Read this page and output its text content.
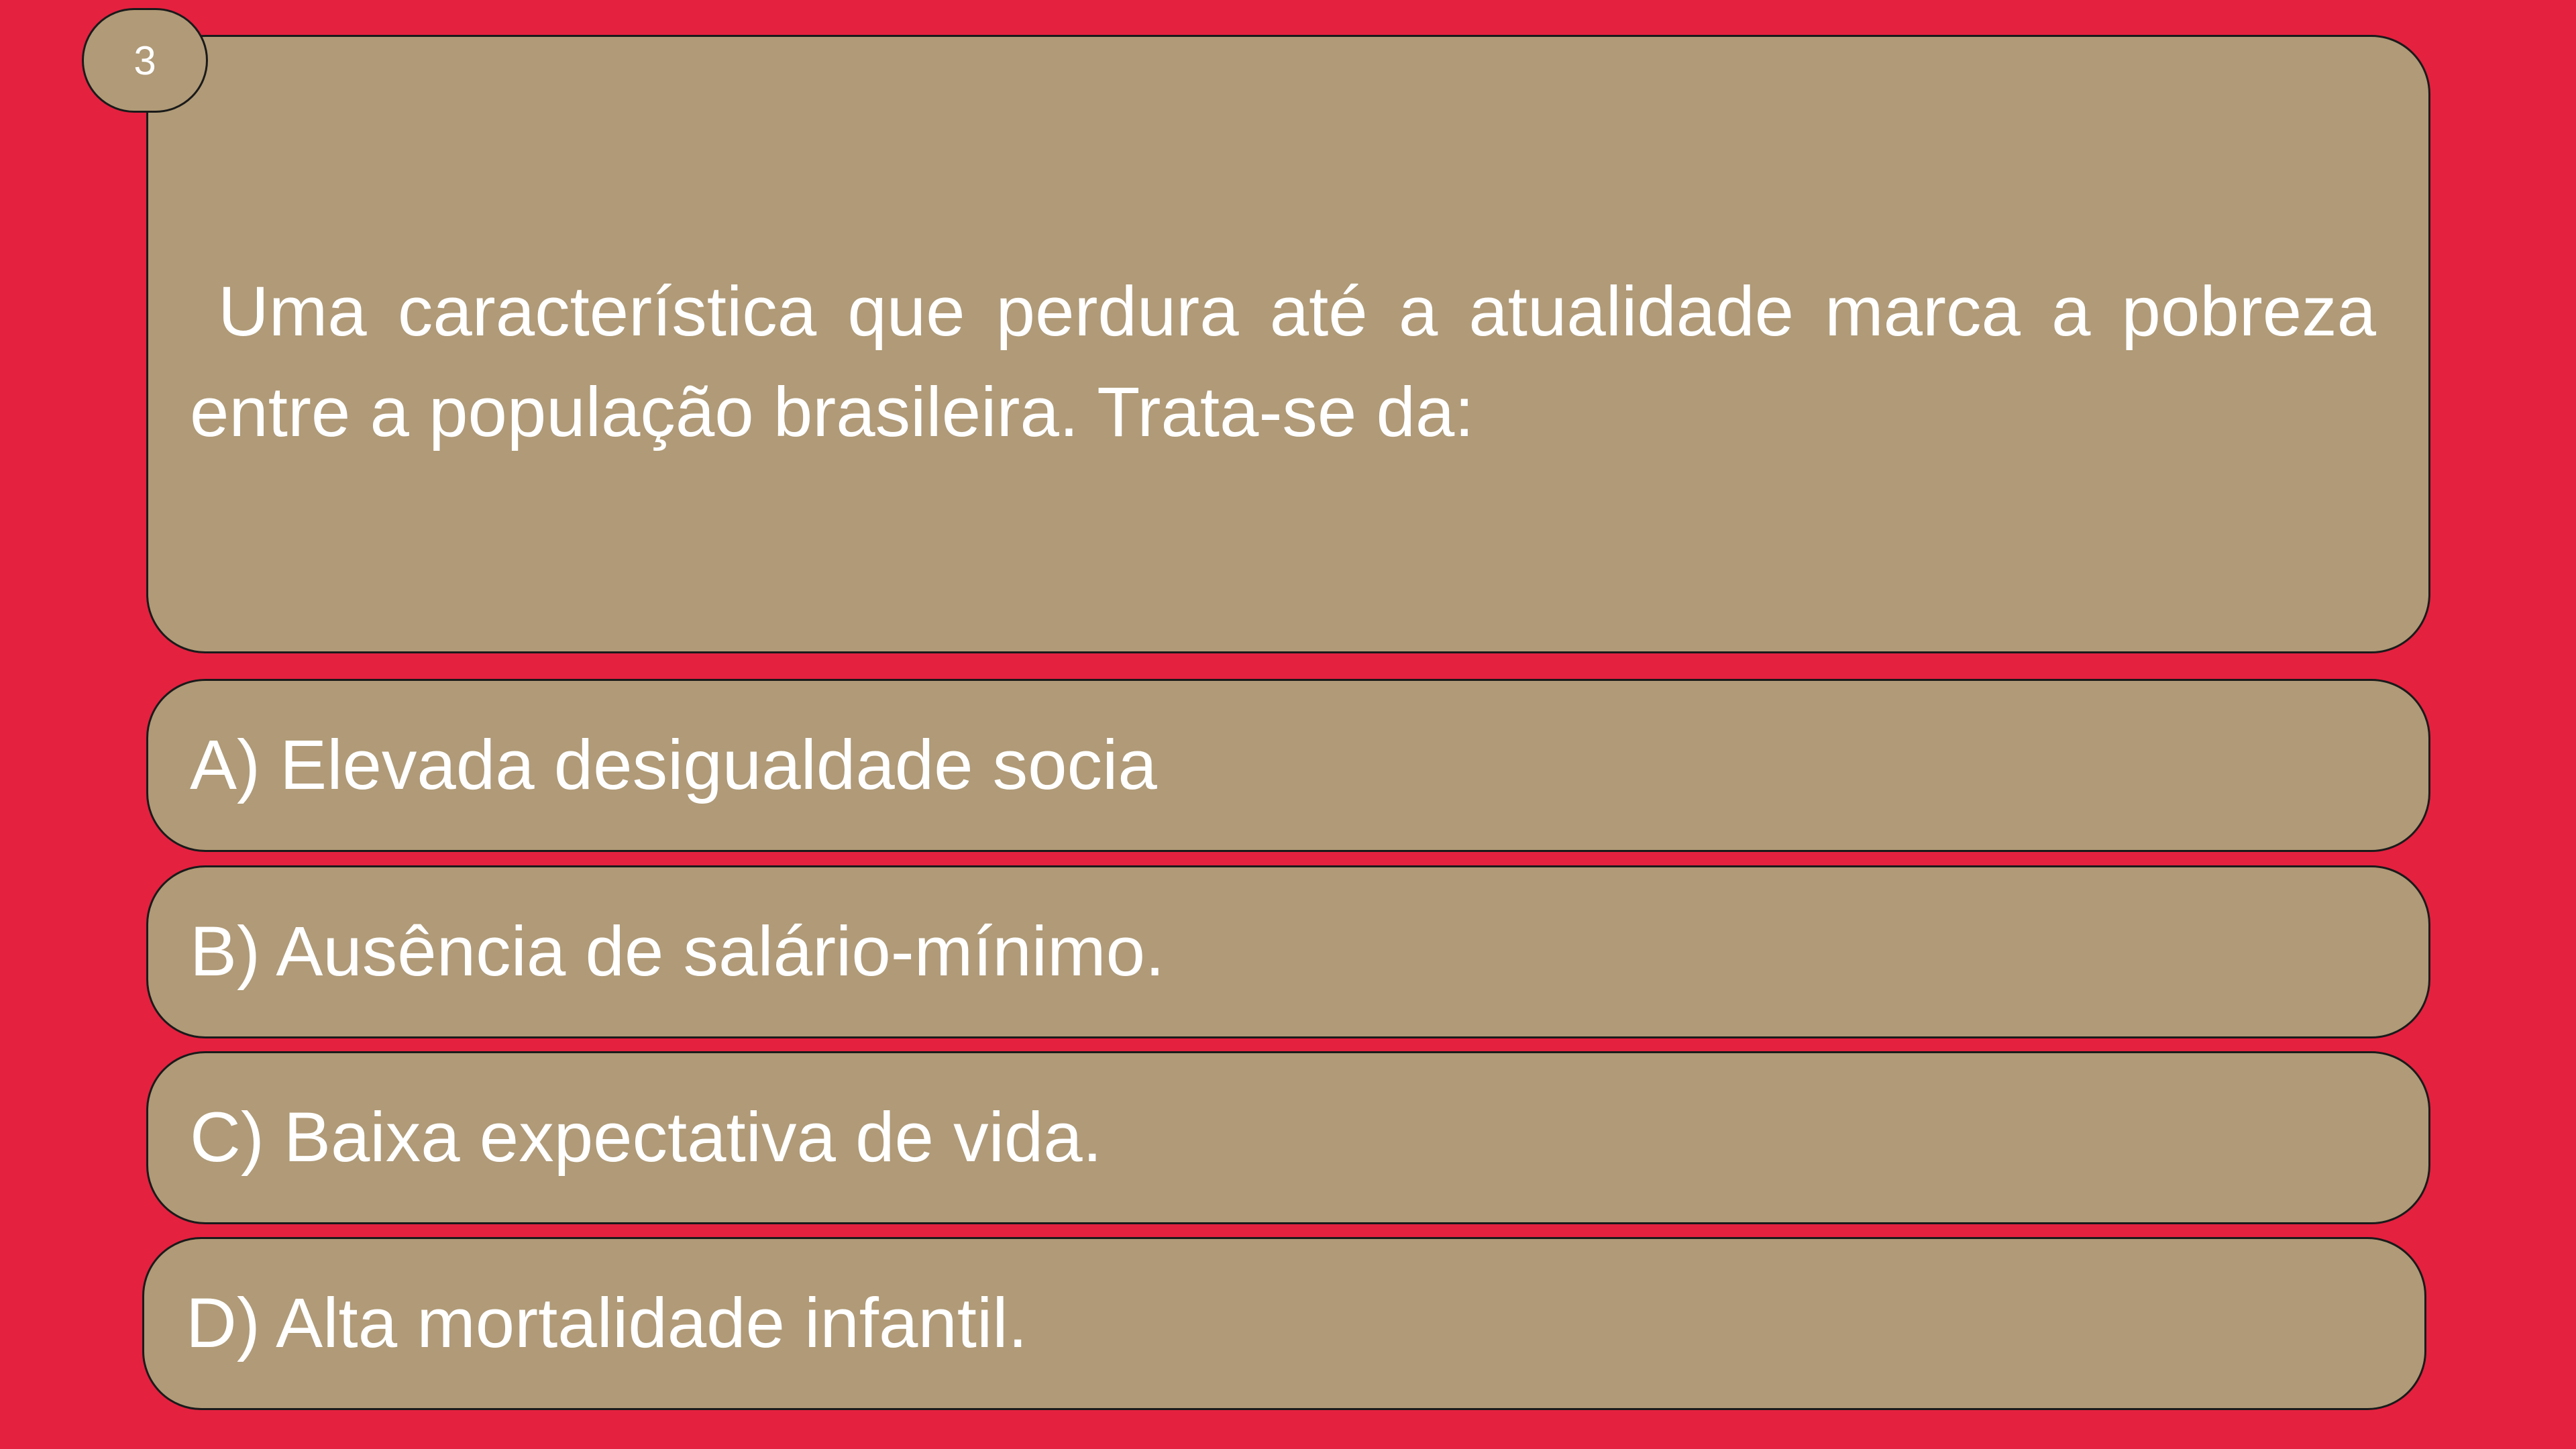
3

Uma característica que perdura até a atualidade marca a pobreza entre a população brasileira. Trata-se da:

A) Elevada desigualdade socia
B) Ausência de salário-mínimo.
C) Baixa expectativa de vida.
D) Alta mortalidade infantil.
